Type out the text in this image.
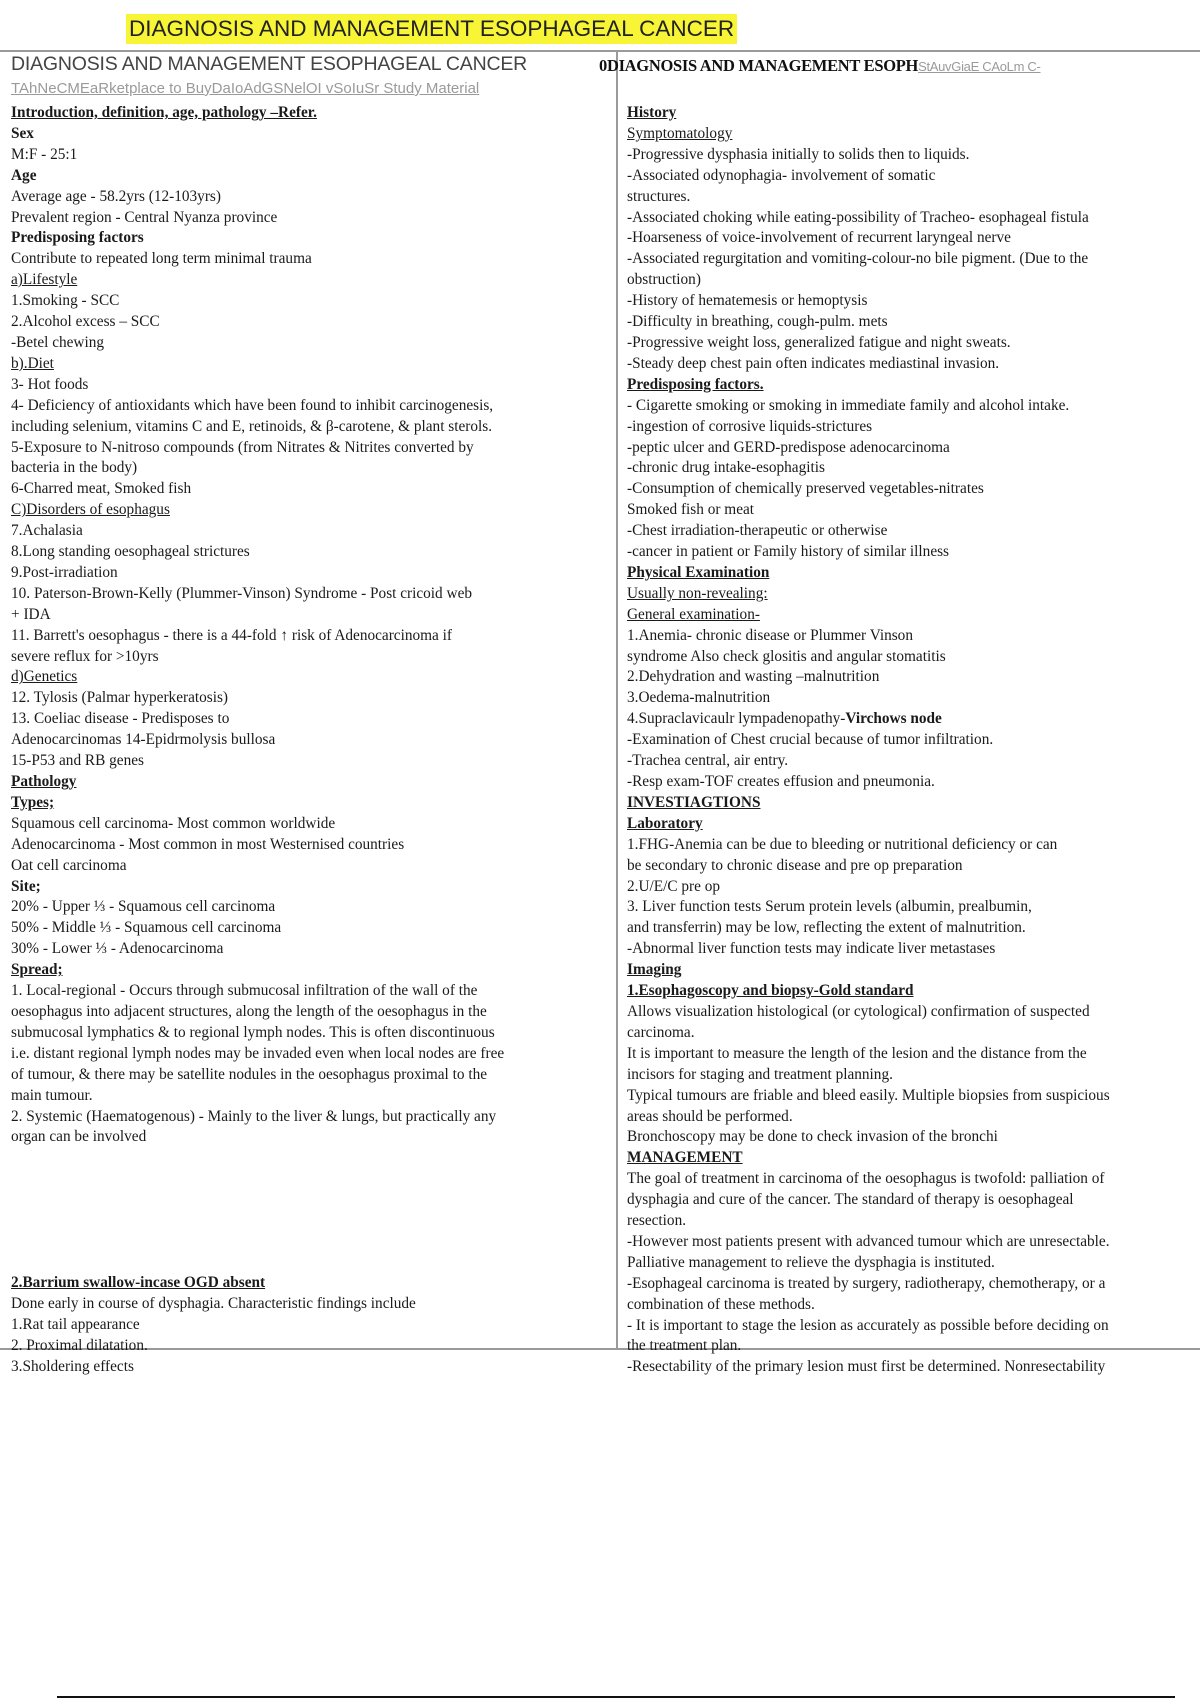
DIAGNOSIS AND MANAGEMENT ESOPHAGEAL CANCER
DIAGNOSIS AND MANAGEMENT ESOPHAGEAL CANCER	0DIAGNOSIS AND MANAGEMENT ESOPHStAuvGiaE CAoLm C-
TAhNeCMEaRketplace to BuyDaIoAdGSNelOI vSoIuSr Study Material
Introduction, definition, age, pathology –Refer.
Sex
M:F - 25:1
Age
Average age - 58.2yrs (12-103yrs)
Prevalent region - Central Nyanza province
Predisposing factors
Contribute to repeated long term minimal trauma
a)Lifestyle
1.Smoking - SCC
2.Alcohol excess – SCC
-Betel chewing
b).Diet
3- Hot foods
4- Deficiency of antioxidants which have been found to inhibit carcinogenesis,
including selenium, vitamins C and E, retinoids, & β-carotene, & plant sterols.
5-Exposure to N-nitroso compounds (from Nitrates & Nitrites converted by
bacteria in the body)
6-Charred meat, Smoked fish
C)Disorders of esophagus
7.Achalasia
8.Long standing oesophageal strictures
9.Post-irradiation
10. Paterson-Brown-Kelly (Plummer-Vinson) Syndrome - Post cricoid web
+ IDA
11. Barrett's oesophagus - there is a 44-fold ↑ risk of Adenocarcinoma if
severe reflux for >10yrs
d)Genetics
12. Tylosis (Palmar hyperkeratosis)
13. Coeliac disease - Predisposes to
Adenocarcinomas 14-Epidrmolysis bullosa
15-P53 and RB genes
Pathology
Types;
Squamous cell carcinoma- Most common worldwide
Adenocarcinoma - Most common in most Westernised countries
Oat cell carcinoma
Site;
20% - Upper ⅓ - Squamous cell carcinoma
50% - Middle ⅓ - Squamous cell carcinoma
30% - Lower ⅓ - Adenocarcinoma
Spread;
1. Local-regional - Occurs through submucosal infiltration of the wall of the
oesophagus into adjacent structures, along the length of the oesophagus in the
submucosal lymphatics & to regional lymph nodes. This is often discontinuous
i.e. distant regional lymph nodes may be invaded even when local nodes are free
of tumour, & there may be satellite nodules in the oesophagus proximal to the
main tumour.
2. Systemic (Haematogenous) - Mainly to the liver & lungs, but practically any
organ can be involved
2.Barrium swallow-incase OGD absent
Done early in course of dysphagia. Characteristic findings include
1.Rat tail appearance
2. Proximal dilatation.
3.Sholdering effects
History
Symptomatology
-Progressive dysphasia initially to solids then to liquids.
-Associated odynophagia- involvement of somatic
structures.
-Associated choking while eating-possibility of Tracheo- esophageal fistula
-Hoarseness of voice-involvement of recurrent laryngeal nerve
-Associated regurgitation and vomiting-colour-no bile pigment. (Due to the
obstruction)
-History of hematemesis or hemoptysis
-Difficulty in breathing, cough-pulm. mets
-Progressive weight loss, generalized fatigue and night sweats.
-Steady deep chest pain often indicates mediastinal invasion.
Predisposing factors.
- Cigarette smoking or smoking in immediate family and alcohol intake.
-ingestion of corrosive liquids-strictures
-peptic ulcer and GERD-predispose adenocarcinoma
-chronic drug intake-esophagitis
-Consumption of chemically preserved vegetables-nitrates
Smoked fish or meat
-Chest irradiation-therapeutic or otherwise
-cancer in patient or Family history of similar illness
Physical Examination
Usually non-revealing:
General examination-
1.Anemia- chronic disease or Plummer Vinson
syndrome Also check glositis and angular stomatitis
2.Dehydration and wasting –malnutrition
3.Oedema-malnutrition
4.Supraclavicaulr lympadenopathy-Virchows node
-Examination of Chest crucial because of tumor infiltration.
-Trachea central, air entry.
-Resp exam-TOF creates effusion and pneumonia.
INVESTIAGTIONS
Laboratory
1.FHG-Anemia can be due to bleeding or nutritional deficiency or can
be secondary to chronic disease and pre op preparation
2.U/E/C pre op
3. Liver function tests Serum protein levels (albumin, prealbumin,
and transferrin) may be low, reflecting the extent of malnutrition.
-Abnormal liver function tests may indicate liver metastases
Imaging
1.Esophagoscopy and biopsy-Gold standard
Allows visualization histological (or cytological) confirmation of suspected
carcinoma.
It is important to measure the length of the lesion and the distance from the
incisors for staging and treatment planning.
Typical tumours are friable and bleed easily. Multiple biopsies from suspicious
areas should be performed.
Bronchoscopy may be done to check invasion of the bronchi
MANAGEMENT
The goal of treatment in carcinoma of the oesophagus is twofold: palliation of
dysphagia and cure of the cancer. The standard of therapy is oesophageal
resection.
-However most patients present with advanced tumour which are unresectable.
Palliative management to relieve the dysphagia is instituted.
-Esophageal carcinoma is treated by surgery, radiotherapy, chemotherapy, or a
combination of these methods.
- It is important to stage the lesion as accurately as possible before deciding on
the treatment plan.
-Resectability of the primary lesion must first be determined. Nonresectability
